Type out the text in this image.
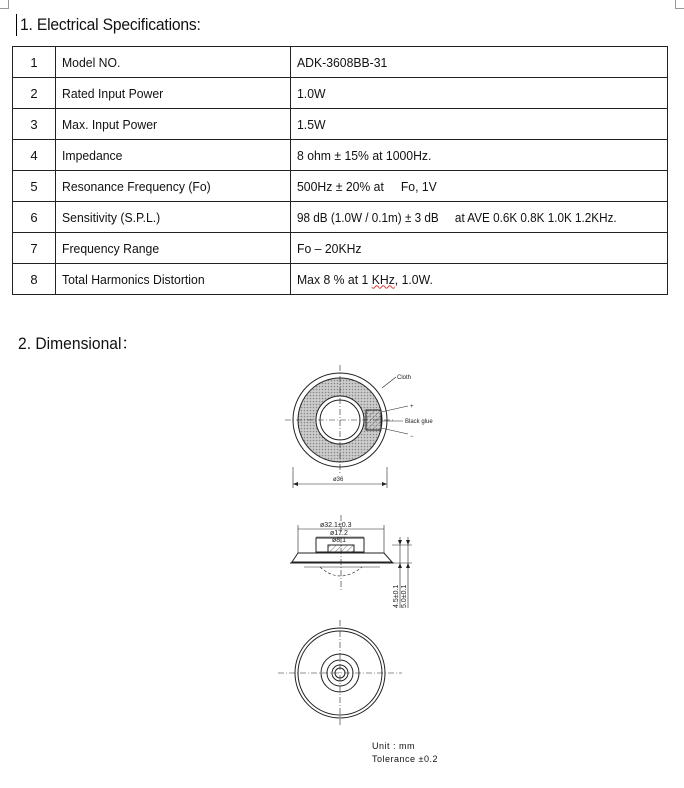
1. Electrical Specifications:
1	Model NO.	ADK-3608BB-31
2	Rated Input Power	1.0W
3	Max. Input Power	1.5W
4	Impedance	8 ohm ± 15% at 1000Hz.
5	Resonance Frequency (Fo)	500Hz ± 20% at     Fo, 1V
6	Sensitivity (S.P.L.)	98 dB (1.0W / 0.1m) ± 3 dB     at AVE 0.6K 0.8K 1.0K 1.2KHz.
7	Frequency Range	Fo – 20KHz
8	Total Harmonics Distortion	Max 8 % at 1 KHz, 1.0W.
2. Dimensional：
Cloth
+
Black glue
−
ø36
ø32.1±0.3
ø17.2
ø8.1
4.5±0.1 5.0±0.1
Unit : mm
Tolerance ±0.2
